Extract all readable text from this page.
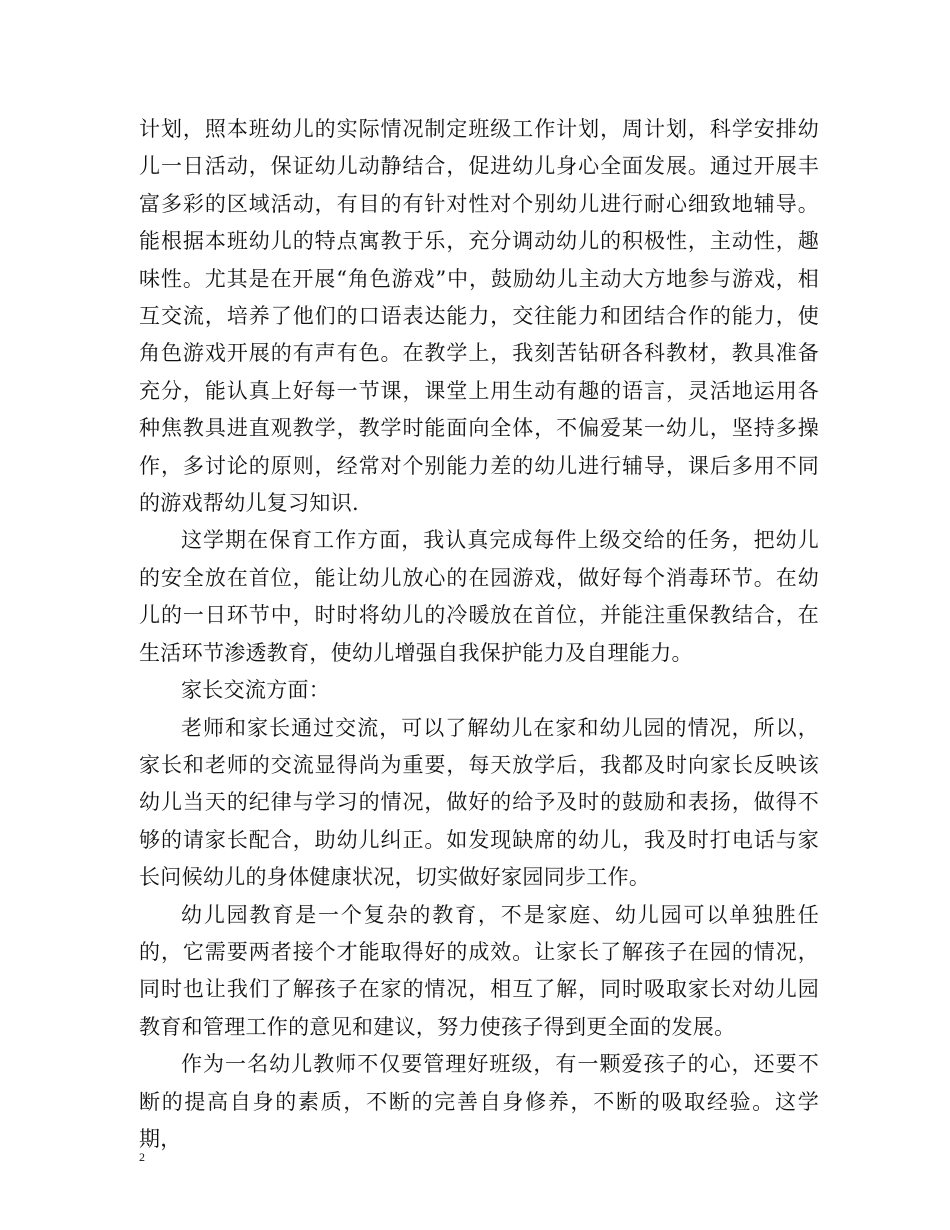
计划，照本班幼儿的实际情况制定班级工作计划，周计划，科学安排幼儿一日活动，保证幼儿动静结合，促进幼儿身心全面发展。通过开展丰富多彩的区域活动，有目的有针对性对个别幼儿进行耐心细致地辅导。能根据本班幼儿的特点寓教于乐，充分调动幼儿的积极性，主动性，趣味性。尤其是在开展“角色游戏”中，鼓励幼儿主动大方地参与游戏，相互交流，培养了他们的口语表达能力，交往能力和团结合作的能力，使角色游戏开展的有声有色。在教学上，我刻苦钻研各科教材，教具准备充分，能认真上好每一节课，课堂上用生动有趣的语言，灵活地运用各种焦教具进直观教学，教学时能面向全体，不偏爱某一幼儿，坚持多操作，多讨论的原则，经常对个别能力差的幼儿进行辅导，课后多用不同的游戏帮幼儿复习知识.

这学期在保育工作方面，我认真完成每件上级交给的任务，把幼儿的安全放在首位，能让幼儿放心的在园游戏，做好每个消毒环节。在幼儿的一日环节中，时时将幼儿的冷暖放在首位，并能注重保教结合，在生活环节渗透教育，使幼儿增强自我保护能力及自理能力。

家长交流方面：

老师和家长通过交流，可以了解幼儿在家和幼儿园的情况，所以，家长和老师的交流显得尚为重要，每天放学后，我都及时向家长反映该幼儿当天的纪律与学习的情况，做好的给予及时的鼓励和表扬，做得不够的请家长配合，助幼儿纠正。如发现缺席的幼儿，我及时打电话与家长问候幼儿的身体健康状况，切实做好家园同步工作。

幼儿园教育是一个复杂的教育，不是家庭、幼儿园可以单独胜任的，它需要两者接个才能取得好的成效。让家长了解孩子在园的情况，同时也让我们了解孩子在家的情况，相互了解，同时吸取家长对幼儿园教育和管理工作的意见和建议，努力使孩子得到更全面的发展。

作为一名幼儿教师不仅要管理好班级，有一颗爱孩子的心，还要不断的提高自身的素质，不断的完善自身修养，不断的吸取经验。这学期，

2
